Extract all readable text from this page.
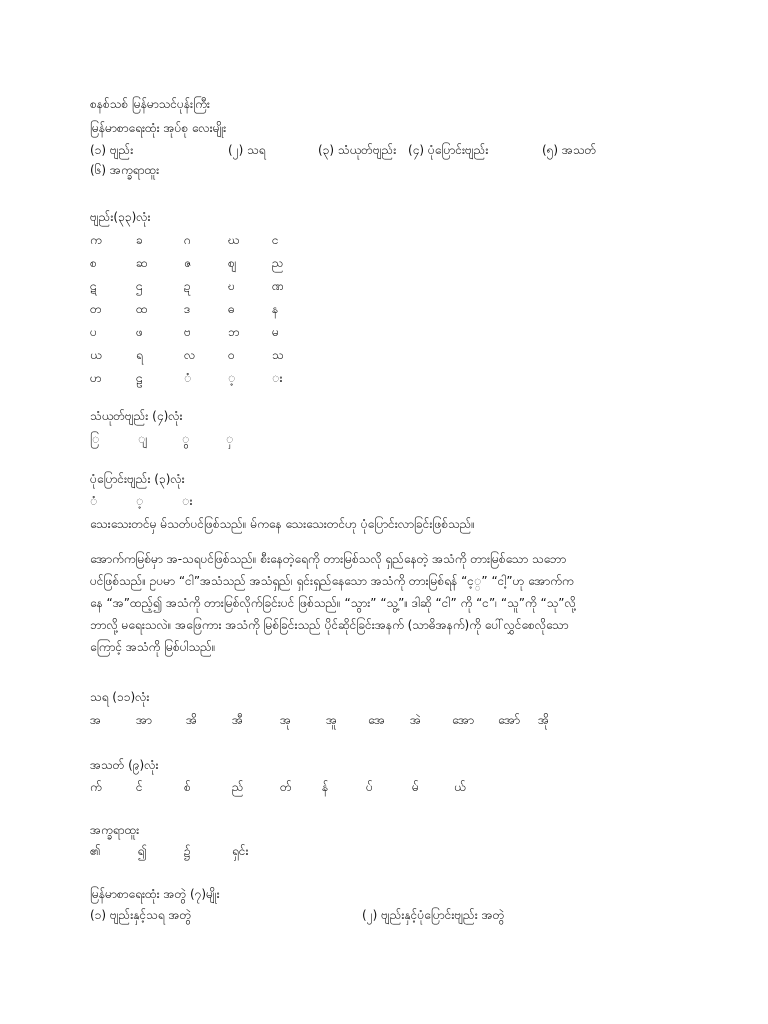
စနစ်သစ် မြန်မာသင်ပုန်းကြီး
မြန်မာစာရေးထုံး အုပ်စု လေးမျိုး
(၁) ဗျည်း	(၂) သရ	(၃) သံယုတ်ဗျည်း (၄) ပုံပြောင်းဗျည်း	(၅) အသတ်
(၆) အက္ခရာထူး
ဗျည်း(၃၃)လုံး
က	ခ	ဂ	ဃ	င
စ	ဆ	ဇ	ဈ	ည
ဋ	ဌ	ဍ	ဎ	ဏ
တ	ထ	ဒ	ဓ	န
ပ	ဖ	ဗ	ဘ	မ
ယ	ရ	လ	ဝ	သ
ဟ	ဠ	ံ	့	း
သံယုတ်ဗျည်း (၄)လုံး
ြ	ျ	ွ	ှ
ပုံပြောင်းဗျည်း (၃)လုံး
ံ	့	း
သေးသေးတင်မှ မ်သတ်ပင်ဖြစ်သည်။ မ်ကနေ သေးသေးတင်ဟု ပုံပြောင်းလာခြင်းဖြစ်သည်။
အောက်ကမြစ်မှာ အ-သရပင်ဖြစ်သည်။ စီးနေတဲ့ရေကို တားမြစ်သလို ရှည်နေတဲ့ အသံကို တားမြစ်သော သဘော
ပင်ဖြစ်သည်။ ဥပမာ “ငါ”အသံသည် အသံရှည်၊ ရှင်းရှည်နေသော အသံကို တားမြစ်ရန် “င့္” “ငါ့”ဟု အောက်က
နေ “အ”ထည့်၍ အသံကို တားမြစ်လိုက်ခြင်းပင် ဖြစ်သည်။ “သွား” “သွ့”။ ဒါဆို “ငါ” ကို “င”၊ “သူ”ကို “သု”လို့
ဘာလို့ မရေးသလဲ။ အဖြေကား အသံကို မြစ်ခြင်းသည် ပိုင်ဆိုင်ခြင်းအနက် (သာဓိအနက်)ကို ပေါ်လွှင်စေလိုသော
ကြောင့် အသံကို မြစ်ပါသည်။
သရ (၁၁)လုံး
အ	အာ	အိ	အီ	အု	အူ	အေ အဲ	အော အော် အို
အသတ် (၉)လုံး
က်	င်	စ်	ည်	တ်	န်	ပ်	မ်	ယ်
အက္ခရာထူး
၏	၍	၌	ရှင်း
မြန်မာစာရေးထုံး အတွဲ (၇)မျိုး
(၁) ဗျည်းနှင့်သရ အတွဲ	(၂) ဗျည်းနှင့်ပုံပြောင်းဗျည်း အတွဲ
